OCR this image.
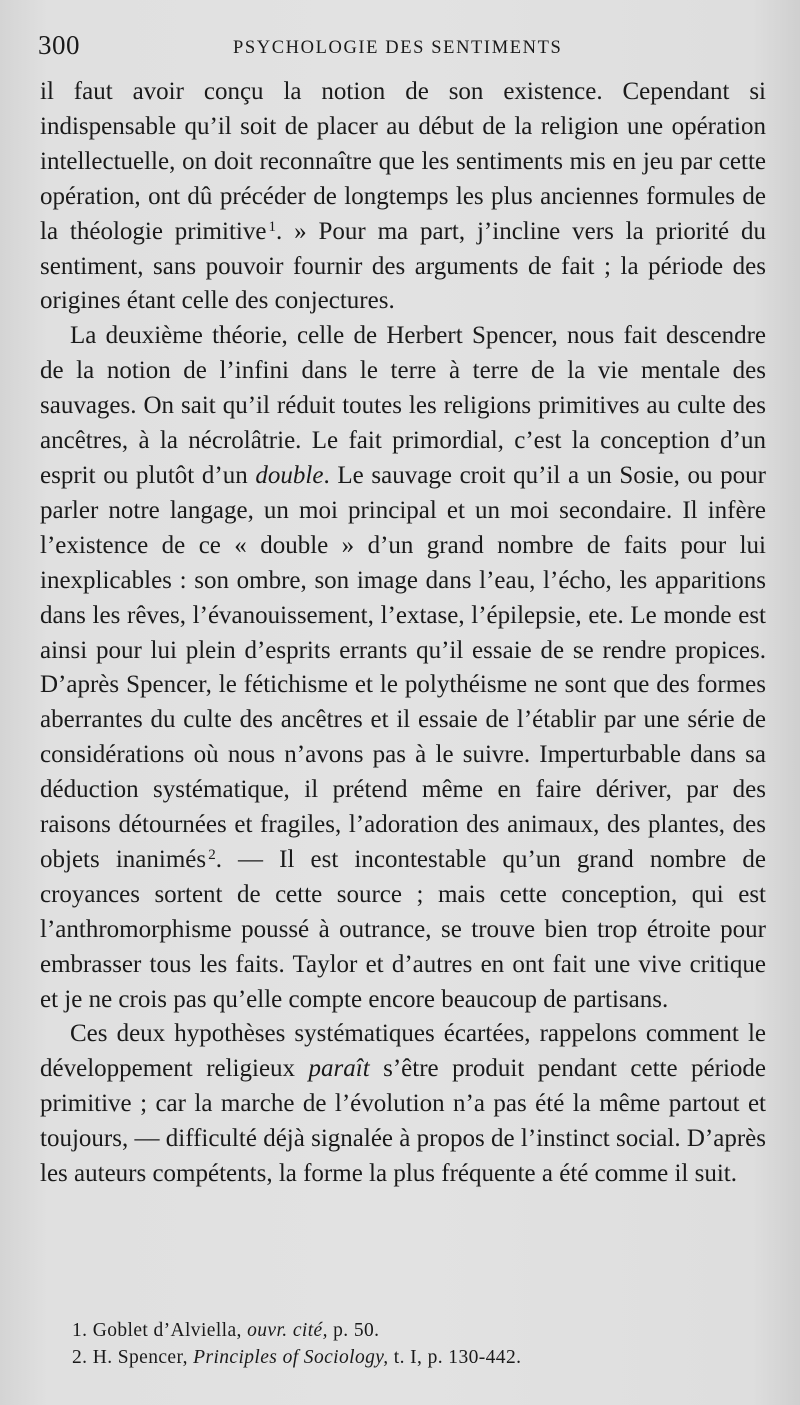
300	PSYCHOLOGIE DES SENTIMENTS

il faut avoir conçu la notion de son existence. Cependant si indispensable qu’il soit de placer au début de la religion une opération intellectuelle, on doit reconnaître que les sentiments mis en jeu par cette opération, ont dû précéder de longtemps les plus anciennes formules de la théologie primitive  $^1$. » Pour ma part, j’incline vers la priorité du sentiment, sans pouvoir fournir des arguments de fait ; la période des origines étant celle des conjectures.

La deuxième théorie, celle de Herbert Spencer, nous fait descendre de la notion de l’infini dans le terre à terre de la vie mentale des sauvages. On sait qu’il réduit toutes les religions primitives au culte des ancêtres, à la nécrolâtrie. Le fait primordial, c’est la conception d’un esprit ou plutôt d’un double. Le sauvage croit qu’il a un Sosie, ou pour parler notre langage, un moi principal et un moi secondaire. Il infère l’existence de ce « double » d’un grand nombre de faits pour lui inexplicables : son ombre, son image dans l’eau, l’écho, les apparitions dans les rêves, l’évanouissement, l’extase, l’épilepsie, ete. Le monde est ainsi pour lui plein d’esprits errants qu’il essaie de se rendre propices. D’après Spencer, le fétichisme et le polythéisme ne sont que des formes aberrantes du culte des ancêtres et il essaie de l’établir par une série de considérations où nous n’avons pas à le suivre. Imperturbable dans sa déduction systématique, il prétend même en faire dériver, par des raisons détournées et fragiles, l’adoration des animaux, des plantes, des objets inanimés  $^2$. — Il est incontestable qu’un grand nombre de croyances sortent de cette source ; mais cette conception, qui est l’anthromorphisme poussé à outrance, se trouve bien trop étroite pour embrasser tous les faits. Taylor et d’autres en ont fait une vive critique et je ne crois pas qu’elle compte encore beaucoup de partisans.

Ces deux hypothèses systématiques écartées, rappelons comment le développement religieux paraît s’être produit pendant cette période primitive ; car la marche de l’évolution n’a pas été la même partout et toujours, — difficulté déjà signalée à propos de l’instinct social. D’après les auteurs compétents, la forme la plus fréquente a été comme il suit.

1. Goblet d’Alviella, ouvr. cité, p. 50.

2. H. Spencer, Principles of Sociology, t. I, p. 130-442.
